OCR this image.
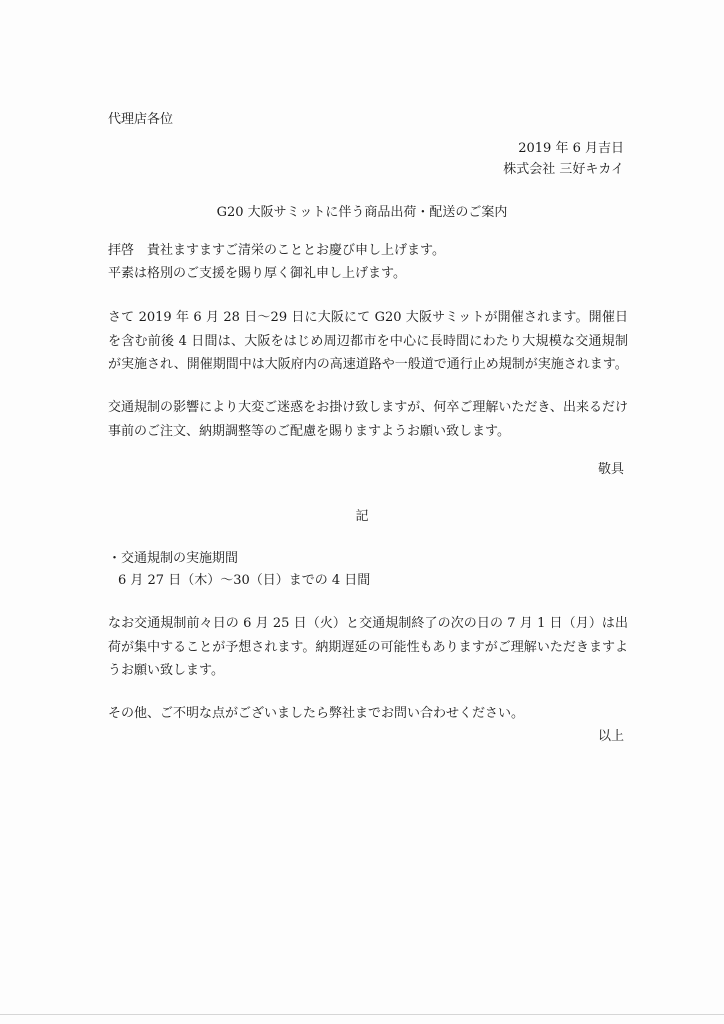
代理店各位
2019 年 6 月吉日
株式会社 三好キカイ
G20 大阪サミットに伴う商品出荷・配送のご案内
拝啓　貴社ますますご清栄のこととお慶び申し上げます。
平素は格別のご支援を賜り厚く御礼申し上げます。
さて 2019 年 6 月 28 日～29 日に大阪にて G20 大阪サミットが開催されます。開催日を含む前後 4 日間は、大阪をはじめ周辺都市を中心に長時間にわたり大規模な交通規制が実施され、開催期間中は大阪府内の高速道路や一般道で通行止め規制が実施されます。
交通規制の影響により大変ご迷惑をお掛け致しますが、何卒ご理解いただき、出来るだけ事前のご注文、納期調整等のご配慮を賜りますようお願い致します。
敬具
記
・交通規制の実施期間
6 月 27 日（木）～30（日）までの 4 日間
なお交通規制前々日の 6 月 25 日（火）と交通規制終了の次の日の 7 月 1 日（月）は出荷が集中することが予想されます。納期遅延の可能性もありますがご理解いただきますようお願い致します。
その他、ご不明な点がございましたら弊社までお問い合わせください。
以上
